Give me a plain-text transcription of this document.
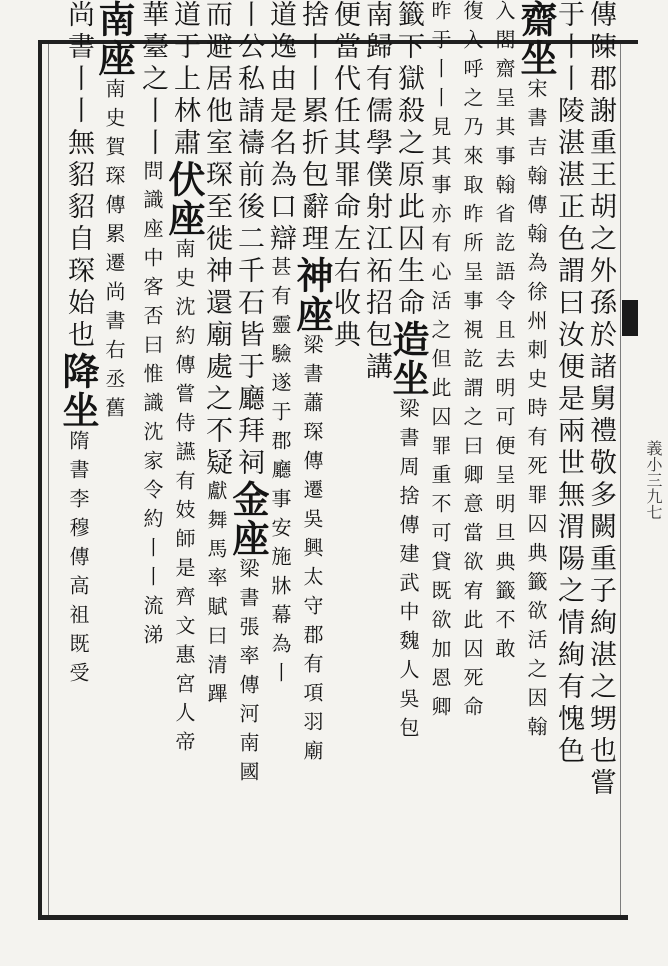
義小三九七
傳陳郡謝重王胡之外孫於諸舅禮敬多闕重子絢湛之甥也嘗
于丨丨陵湛湛正色謂曰汝便是兩世無渭陽之情絢有愧色
齋坐宋書吉翰傳翰為徐州刺史時有死罪囚典籤欲活之因翰
入閤齋呈其事翰省訖語令且去明可便呈明旦典籤不敢
復入呼之乃來取昨所呈事視訖謂之曰卿意當欲宥此囚死命
昨于丨丨見其事亦有心活之但此囚罪重不可貸既欲加恩卿
籤下獄殺之原此囚生命造坐梁書周捨傳建武中魏人吳包
南歸有儒學僕射江祏招包講
便當代任其罪命左右收典
捨丨丨累折包辭理神座梁書蕭琛傳遷吳興太守郡有項羽廟
道逸由是名為口辯甚有靈驗遂于郡廳事安施牀幕為丨
丨公私請禱前後二千石皆于廳拜祠金座梁書張率傳河南國
而避居他室琛至徙神還廟處之不疑獻舞馬率賦曰清蹕
道于上林肅伏座南史沈約傳嘗侍讌有妓師是齊文惠宮人帝
華臺之丨丨問識座中客否曰惟識沈家令約丨丨流涕
南座南史賀琛傳累遷尚書右丞舊
尚書丨丨無貂貂自琛始也降坐隋書李穆傳高祖既受
